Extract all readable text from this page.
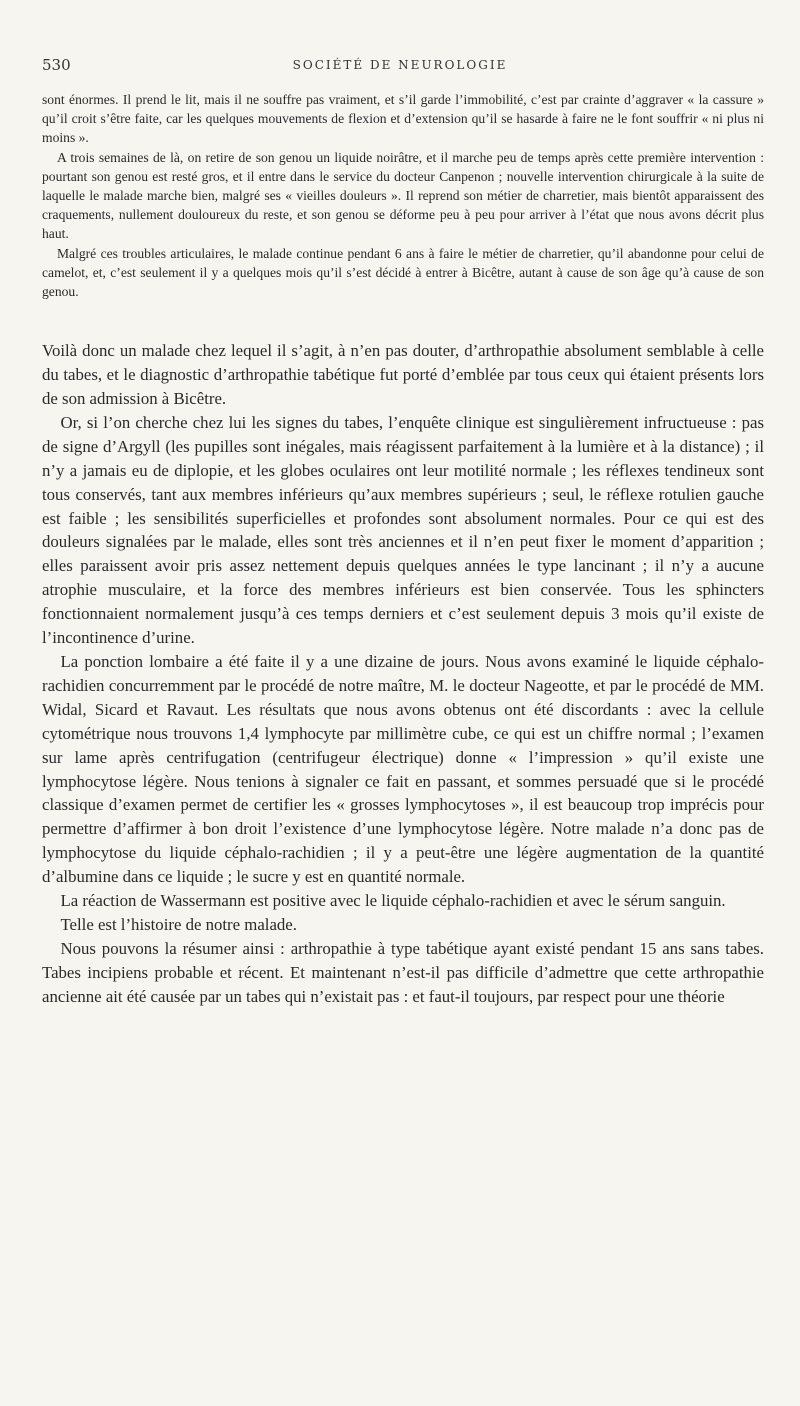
530	SOCIÉTÉ DE NEUROLOGIE

sont énormes. Il prend le lit, mais il ne souffre pas vraiment, et s’il garde l’immobilité, c’est par crainte d’aggraver « la cassure » qu’il croit s’être faite, car les quelques mouvements de flexion et d’extension qu’il se hasarde à faire ne le font souffrir « ni plus ni moins ».

A trois semaines de là, on retire de son genou un liquide noirâtre, et il marche peu de temps après cette première intervention : pourtant son genou est resté gros, et il entre dans le service du docteur Canpenon ; nouvelle intervention chirurgicale à la suite de laquelle le malade marche bien, malgré ses « vieilles douleurs ». Il reprend son métier de charretier, mais bientôt apparaissent des craquements, nullement douloureux du reste, et son genou se déforme peu à peu pour arriver à l’état que nous avons décrit plus haut.

Malgré ces troubles articulaires, le malade continue pendant 6 ans à faire le métier de charretier, qu’il abandonne pour celui de camelot, et, c’est seulement il y a quelques mois qu’il s’est décidé à entrer à Bicêtre, autant à cause de son âge qu’à cause de son genou.

Voilà donc un malade chez lequel il s’agit, à n’en pas douter, d’arthropathie absolument semblable à celle du tabes, et le diagnostic d’arthropathie tabétique fut porté d’emblée par tous ceux qui étaient présents lors de son admission à Bicêtre.

Or, si l’on cherche chez lui les signes du tabes, l’enquête clinique est singulièrement infructueuse : pas de signe d’Argyll (les pupilles sont inégales, mais réagissent parfaitement à la lumière et à la distance) ; il n’y a jamais eu de diplopie, et les globes oculaires ont leur motilité normale ; les réflexes tendineux sont tous conservés, tant aux membres inférieurs qu’aux membres supérieurs ; seul, le réflexe rotulien gauche est faible ; les sensibilités superficielles et profondes sont absolument normales. Pour ce qui est des douleurs signalées par le malade, elles sont très anciennes et il n’en peut fixer le moment d’apparition ; elles paraissent avoir pris assez nettement depuis quelques années le type lancinant ; il n’y a aucune atrophie musculaire, et la force des membres inférieurs est bien conservée. Tous les sphincters fonctionnaient normalement jusqu’à ces temps derniers et c’est seulement depuis 3 mois qu’il existe de l’incontinence d’urine.

La ponction lombaire a été faite il y a une dizaine de jours. Nous avons examiné le liquide céphalo-rachidien concurremment par le procédé de notre maître, M. le docteur Nageotte, et par le procédé de MM. Widal, Sicard et Ravaut. Les résultats que nous avons obtenus ont été discordants : avec la cellule cytométrique nous trouvons 1,4 lymphocyte par millimètre cube, ce qui est un chiffre normal ; l’examen sur lame après centrifugation (centrifugeur électrique) donne « l’impression » qu’il existe une lymphocytose légère. Nous tenions à signaler ce fait en passant, et sommes persuadé que si le procédé classique d’examen permet de certifier les « grosses lymphocytoses », il est beaucoup trop imprécis pour permettre d’affirmer à bon droit l’existence d’une lymphocytose légère. Notre malade n’a donc pas de lymphocytose du liquide céphalo-rachidien ; il y a peut-être une légère augmentation de la quantité d’albumine dans ce liquide ; le sucre y est en quantité normale.

La réaction de Wassermann est positive avec le liquide céphalo-rachidien et avec le sérum sanguin.

Telle est l’histoire de notre malade.

Nous pouvons la résumer ainsi : arthropathie à type tabétique ayant existé pendant 15 ans sans tabes. Tabes incipiens probable et récent. Et maintenant n’est-il pas difficile d’admettre que cette arthropathie ancienne ait été causée par un tabes qui n’existait pas : et faut-il toujours, par respect pour une théorie
